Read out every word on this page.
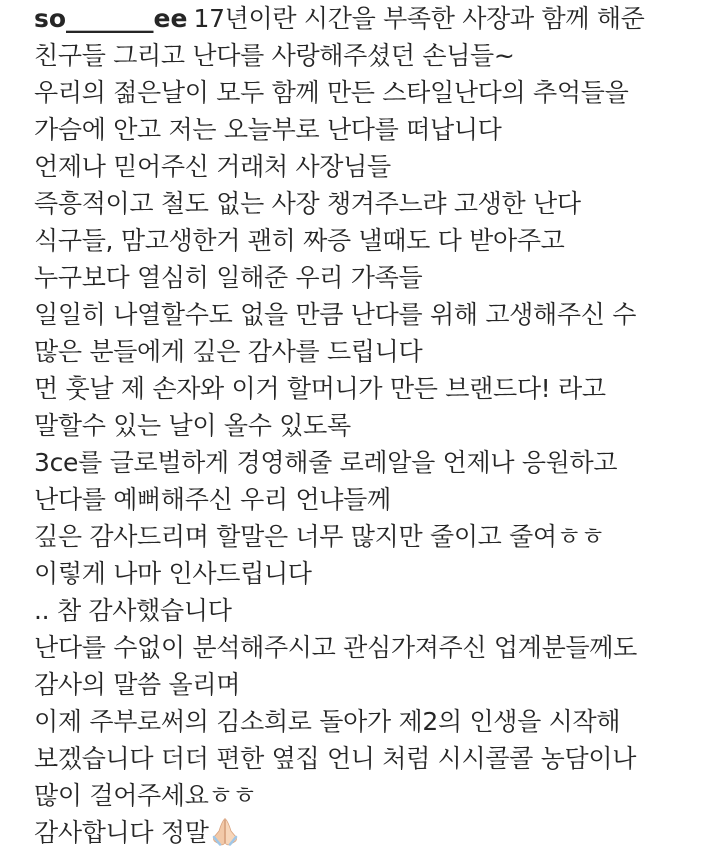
so_______ee 17년이란 시간을 부족한 사장과 함께 해준
친구들 그리고 난다를 사랑해주셨던 손님들~
우리의 젊은날이 모두 함께 만든 스타일난다의 추억들을
가슴에 안고 저는 오늘부로 난다를 떠납니다
언제나 믿어주신 거래처 사장님들
즉흥적이고 철도 없는 사장 챙겨주느랴 고생한 난다
식구들, 맘고생한거 괜히 짜증 낼때도 다 받아주고
누구보다 열심히 일해준 우리 가족들
일일히 나열할수도 없을 만큼 난다를 위해 고생해주신 수
많은 분들에게 깊은 감사를 드립니다
먼 훗날 제 손자와 이거 할머니가 만든 브랜드다! 라고
말할수 있는 날이 올수 있도록
3ce를 글로벌하게 경영해줄 로레알을 언제나 응원하고
난다를 예뻐해주신 우리 언냐들께
깊은 감사드리며 할말은 너무 많지만 줄이고 줄여ㅎㅎ
이렇게 나마 인사드립니다
.. 참 감사했습니다
난다를 수없이 분석해주시고 관심가져주신 업계분들께도
감사의 말씀 올리며
이제 주부로써의 김소희로 돌아가 제2의 인생을 시작해
보겠습니다 더더 편한 옆집 언니 처럼 시시콜콜 농담이나
많이 걸어주세요ㅎㅎ
감사합니다 정말
